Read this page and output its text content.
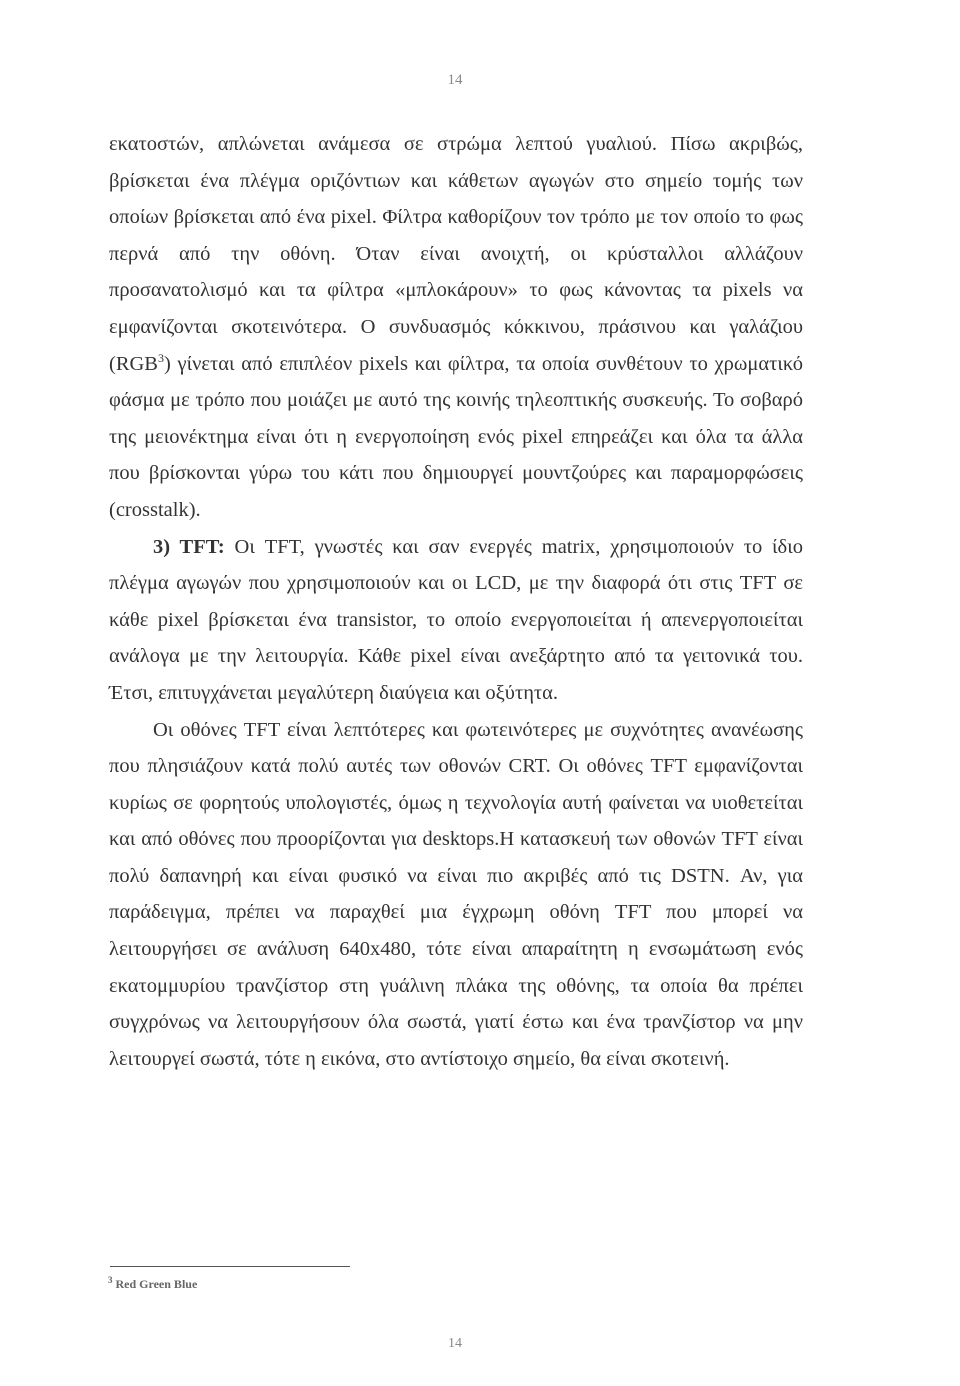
14

εκατοστών, απλώνεται ανάμεσα σε στρώμα λεπτού γυαλιού. Πίσω ακριβώς, βρίσκεται ένα πλέγμα οριζόντιων και κάθετων αγωγών στο σημείο τομής των οποίων βρίσκεται από ένα pixel. Φίλτρα καθορίζουν τον τρόπο με τον οποίο το φως περνά από την οθόνη. Όταν είναι ανοιχτή, οι κρύσταλλοι αλλάζουν προσανατολισμό και τα φίλτρα «μπλοκάρουν» το φως κάνοντας τα pixels να εμφανίζονται σκοτεινότερα. Ο συνδυασμός κόκκινου, πράσινου και γαλάζιου (RGB$^3$) γίνεται από επιπλέον pixels και φίλτρα, τα οποία συνθέτουν το χρωματικό φάσμα με τρόπο που μοιάζει με αυτό της κοινής τηλεοπτικής συσκευής. Το σοβαρό της μειονέκτημα είναι ότι η ενεργοποίηση ενός pixel επηρεάζει και όλα τα άλλα που βρίσκονται γύρω του κάτι που δημιουργεί μουντζούρες και παραμορφώσεις (crosstalk).

3) TFT: Οι TFT, γνωστές και σαν ενεργές matrix, χρησιμοποιούν το ίδιο πλέγμα αγωγών που χρησιμοποιούν και οι LCD, με την διαφορά ότι στις TFT σε κάθε pixel βρίσκεται ένα transistor, το οποίο ενεργοποιείται ή απενεργοποιείται ανάλογα με την λειτουργία. Κάθε pixel είναι ανεξάρτητο από τα γειτονικά του. Έτσι, επιτυγχάνεται μεγαλύτερη διαύγεια και οξύτητα.

Οι οθόνες TFT είναι λεπτότερες και φωτεινότερες με συχνότητες ανανέωσης που πλησιάζουν κατά πολύ αυτές των οθονών CRT. Οι οθόνες TFT εμφανίζονται κυρίως σε φορητούς υπολογιστές, όμως η τεχνολογία αυτή φαίνεται να υιοθετείται και από οθόνες που προορίζονται για desktops.Η κατασκευή των οθονών TFT είναι πολύ δαπανηρή και είναι φυσικό να είναι πιο ακριβές από τις DSTN. Αν, για παράδειγμα, πρέπει να παραχθεί μια έγχρωμη οθόνη TFT που μπορεί να λειτουργήσει σε ανάλυση 640x480, τότε είναι απαραίτητη η ενσωμάτωση ενός εκατομμυρίου τρανζίστορ στη γυάλινη πλάκα της οθόνης, τα οποία θα πρέπει συγχρόνως να λειτουργήσουν όλα σωστά, γιατί έστω και ένα τρανζίστορ να μην λειτουργεί σωστά, τότε η εικόνα, στο αντίστοιχο σημείο, θα είναι σκοτεινή.

$^3$ Red Green Blue
14
